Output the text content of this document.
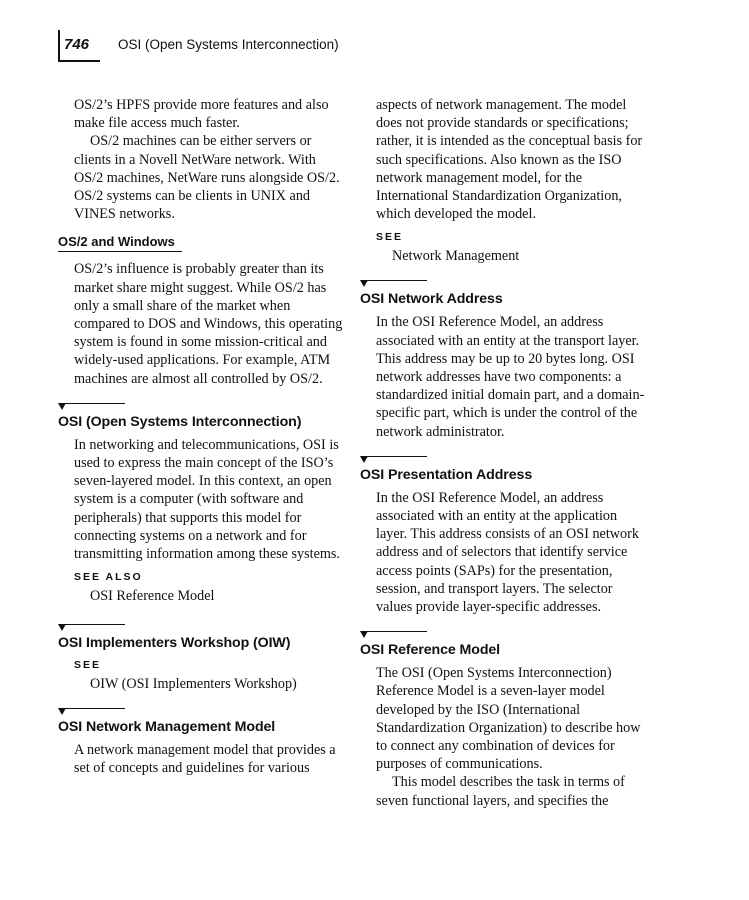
746 OSI (Open Systems Interconnection)

OS/2’s HPFS provide more features and also make file access much faster.

OS/2 machines can be either servers or clients in a Novell NetWare network. With OS/2 machines, NetWare runs alongside OS/2. OS/2 systems can be clients in UNIX and VINES networks.

OS/2 and Windows

OS/2’s influence is probably greater than its market share might suggest. While OS/2 has only a small share of the market when compared to DOS and Windows, this operating system is found in some mission-critical and widely-used applications. For example, ATM machines are almost all controlled by OS/2.

OSI (Open Systems Interconnection)

In networking and telecommunications, OSI is used to express the main concept of the ISO’s seven-layered model. In this context, an open system is a computer (with software and peripherals) that supports this model for connecting systems on a network and for transmitting information among these systems.

SEE ALSO
OSI Reference Model
OSI Implementers Workshop (OIW)
SEE
OIW (OSI Implementers Workshop)
OSI Network Management Model

A network management model that provides a set of concepts and guidelines for various

aspects of network management. The model does not provide standards or specifications; rather, it is intended as the conceptual basis for such specifications. Also known as the ISO network management model, for the International Standardization Organization, which developed the model.

SEE
Network Management
OSI Network Address

In the OSI Reference Model, an address associated with an entity at the transport layer. This address may be up to 20 bytes long. OSI network addresses have two components: a standardized initial domain part, and a domain-specific part, which is under the control of the network administrator.

OSI Presentation Address

In the OSI Reference Model, an address associated with an entity at the application layer. This address consists of an OSI network address and of selectors that identify service access points (SAPs) for the presentation, session, and transport layers. The selector values provide layer-specific addresses.

OSI Reference Model

The OSI (Open Systems Interconnection) Reference Model is a seven-layer model developed by the ISO (International Standardization Organization) to describe how to connect any combination of devices for purposes of communications.

This model describes the task in terms of seven functional layers, and specifies the
